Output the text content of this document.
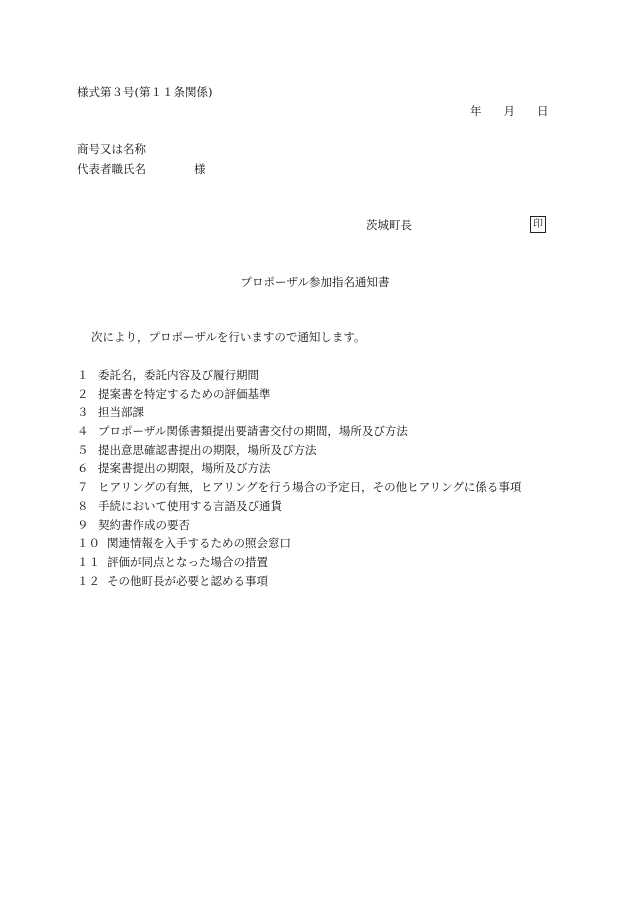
様式第３号(第１１条関係)
年 月 日
商号又は名称
代表者職氏名	様
茨城町長	印
プロポーザル参加指名通知書
次により，プロポーザルを行いますので通知します。
１ 委託名，委託内容及び履行期間
２ 提案書を特定するための評価基準
３ 担当部課
４ プロポーザル関係書類提出要請書交付の期間，場所及び方法
５ 提出意思確認書提出の期限，場所及び方法
６ 提案書提出の期限，場所及び方法
７ ヒアリングの有無，ヒアリングを行う場合の予定日，その他ヒアリングに係る事項
８ 手続において使用する言語及び通貨
９ 契約書作成の要否
１０ 関連情報を入手するための照会窓口
１１ 評価が同点となった場合の措置
１２ その他町長が必要と認める事項
